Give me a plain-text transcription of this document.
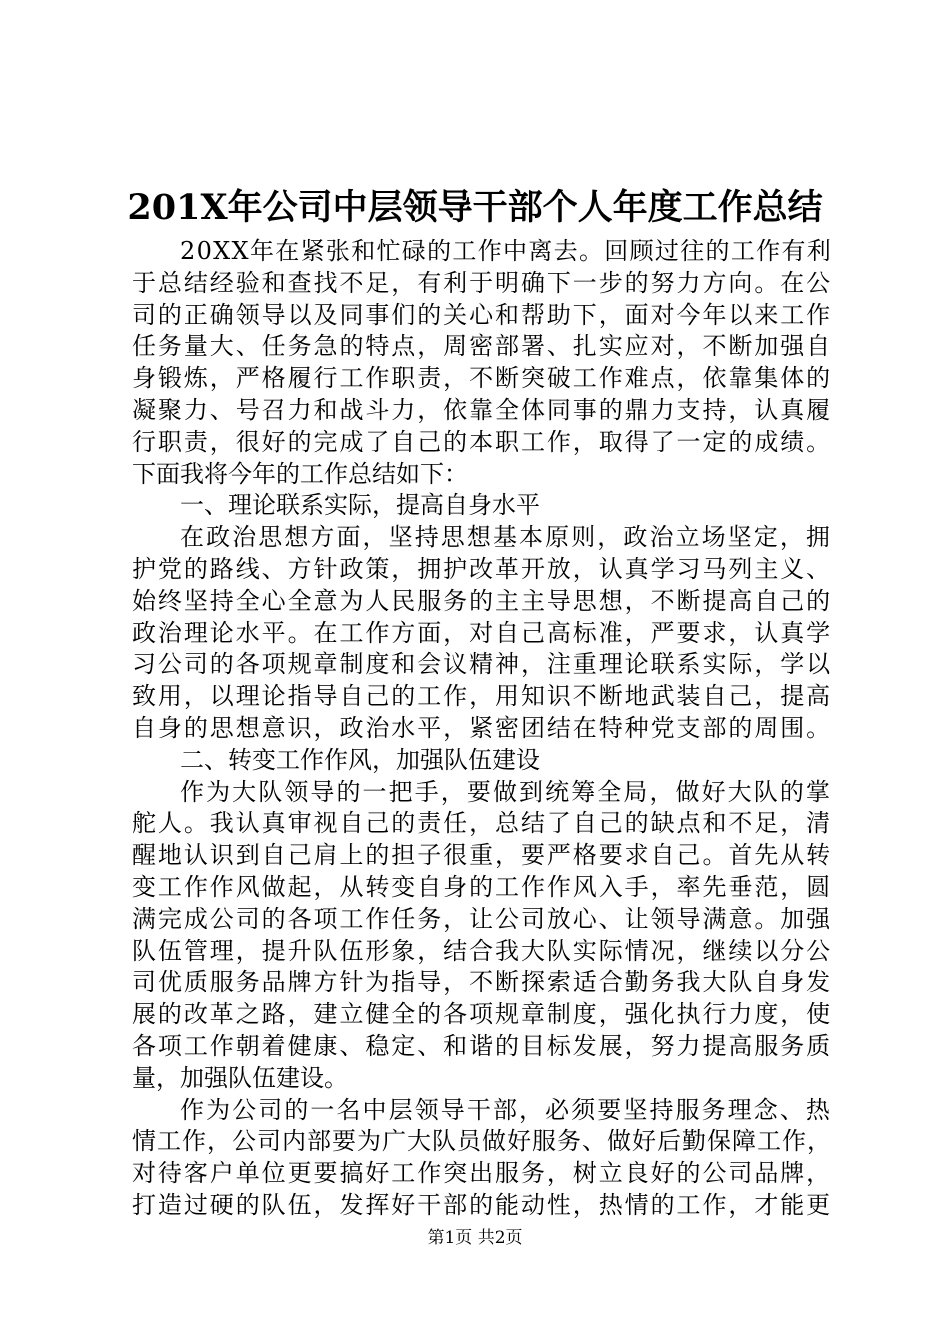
201X年公司中层领导干部个人年度工作总结
20XX年在紧张和忙碌的工作中离去。回顾过往的工作有利
于总结经验和查找不足，有利于明确下一步的努力方向。在公
司的正确领导以及同事们的关心和帮助下，面对今年以来工作
任务量大、任务急的特点，周密部署、扎实应对，不断加强自
身锻炼，严格履行工作职责，不断突破工作难点，依靠集体的
凝聚力、号召力和战斗力，依靠全体同事的鼎力支持，认真履
行职责，很好的完成了自己的本职工作，取得了一定的成绩。
下面我将今年的工作总结如下：
一、理论联系实际，提高自身水平
在政治思想方面，坚持思想基本原则，政治立场坚定，拥
护党的路线、方针政策，拥护改革开放，认真学习马列主义、
始终坚持全心全意为人民服务的主主导思想，不断提高自己的
政治理论水平。在工作方面，对自己高标准，严要求，认真学
习公司的各项规章制度和会议精神，注重理论联系实际，学以
致用，以理论指导自己的工作，用知识不断地武装自己，提高
自身的思想意识，政治水平，紧密团结在特种党支部的周围。
二、转变工作作风，加强队伍建设
作为大队领导的一把手，要做到统筹全局，做好大队的掌
舵人。我认真审视自己的责任，总结了自己的缺点和不足，清
醒地认识到自己肩上的担子很重，要严格要求自己。首先从转
变工作作风做起，从转变自身的工作作风入手，率先垂范，圆
满完成公司的各项工作任务，让公司放心、让领导满意。加强
队伍管理，提升队伍形象，结合我大队实际情况，继续以分公
司优质服务品牌方针为指导，不断探索适合勤务我大队自身发
展的改革之路，建立健全的各项规章制度，强化执行力度，使
各项工作朝着健康、稳定、和谐的目标发展，努力提高服务质
量，加强队伍建设。
作为公司的一名中层领导干部，必须要坚持服务理念、热
情工作，公司内部要为广大队员做好服务、做好后勤保障工作，
对待客户单位更要搞好工作突出服务，树立良好的公司品牌，
打造过硬的队伍，发挥好干部的能动性，热情的工作，才能更
第1页 共2页
